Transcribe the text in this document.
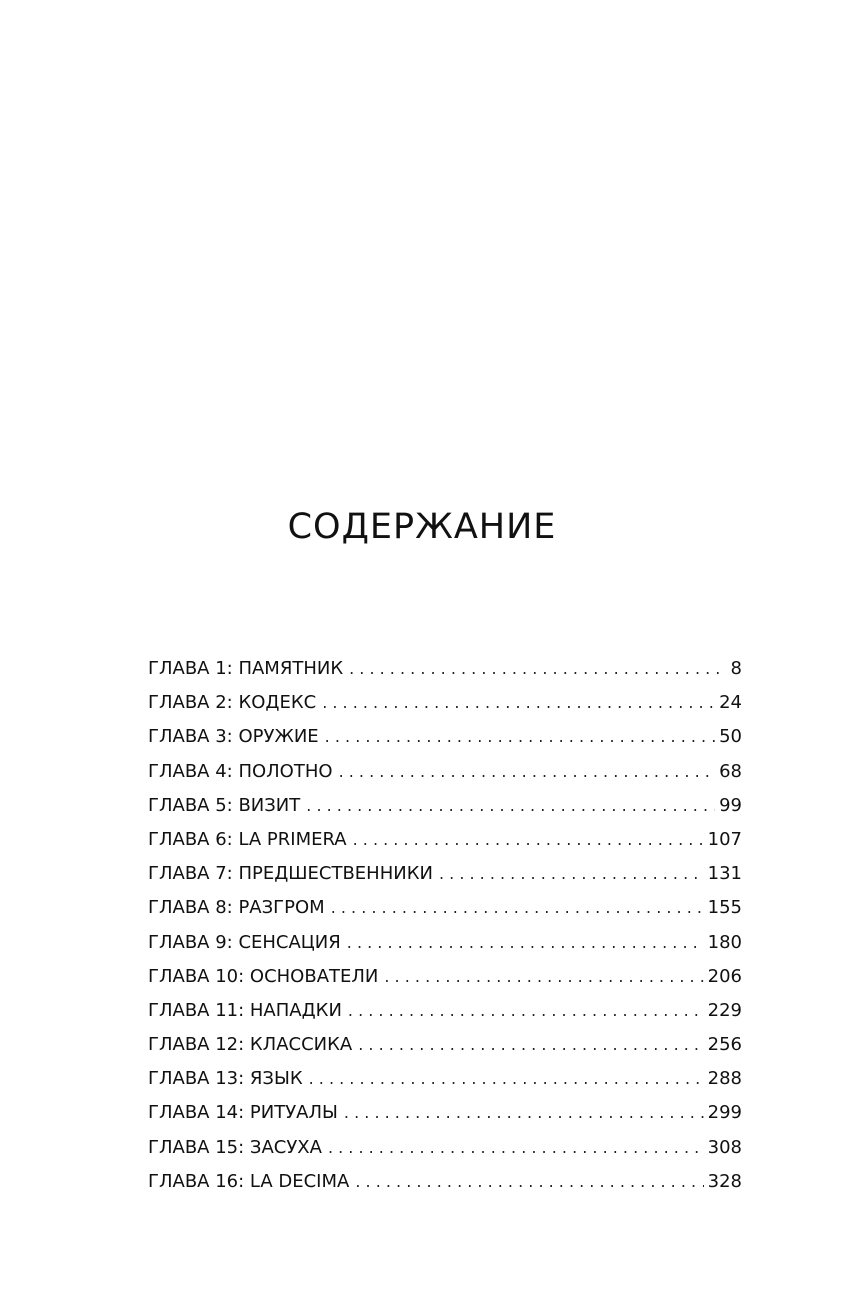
СОДЕРЖАНИЕ
ГЛАВА 1: ПАМЯТНИК . . .	8
ГЛАВА 2: КОДЕКС . . .	24
ГЛАВА 3: ОРУЖИЕ . . .	50
ГЛАВА 4: ПОЛОТНО . . .	68
ГЛАВА 5: ВИЗИТ . . .	99
ГЛАВА 6: LA PRIMERA . . .	107
ГЛАВА 7: ПРЕДШЕСТВЕННИКИ . . .	131
ГЛАВА 8: РАЗГРОМ . . .	155
ГЛАВА 9: СЕНСАЦИЯ . . .	180
ГЛАВА 10: ОСНОВАТЕЛИ . . .	206
ГЛАВА 11: НАПАДКИ . . .	229
ГЛАВА 12: КЛАССИКА . . .	256
ГЛАВА 13: ЯЗЫК . . .	288
ГЛАВА 14: РИТУАЛЫ . . .	299
ГЛАВА 15: ЗАСУХА . . .	308
ГЛАВА 16: LA DECIMA . . .	328
